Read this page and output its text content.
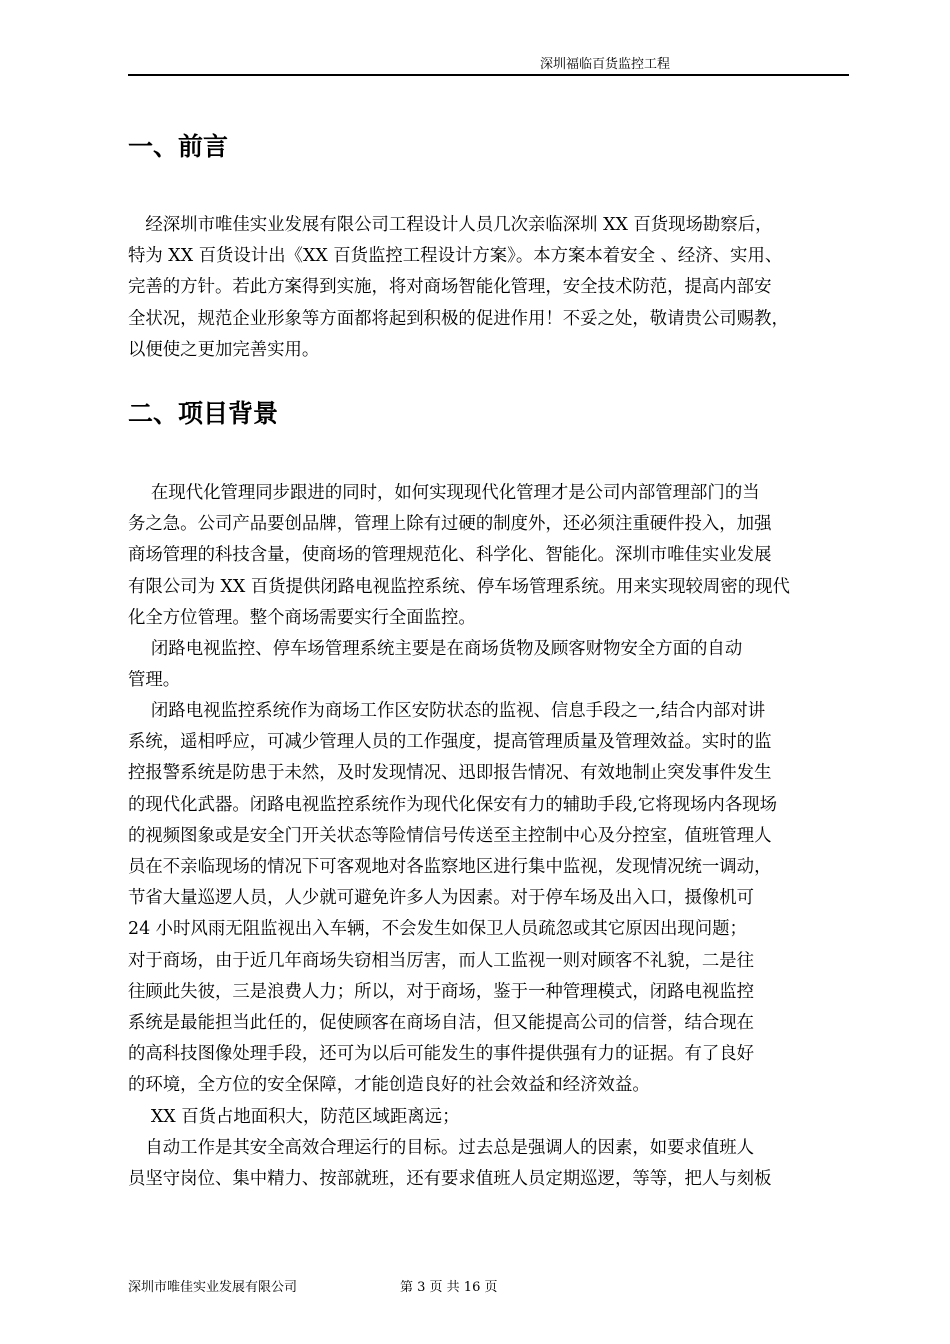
深圳福临百货监控工程
一、前言
　经深圳市唯佳实业发展有限公司工程设计人员几次亲临深圳 XX 百货现场勘察后，
特为 XX 百货设计出《XX 百货监控工程设计方案》。本方案本着安全 、经济、实用、
完善的方针。若此方案得到实施，将对商场智能化管理，安全技术防范，提高内部安
全状况，规范企业形象等方面都将起到积极的促进作用！不妥之处，敬请贵公司赐教，
以便使之更加完善实用。
二、项目背景
　 在现代化管理同步跟进的同时，如何实现现代化管理才是公司内部管理部门的当
务之急。公司产品要创品牌，管理上除有过硬的制度外，还必须注重硬件投入，加强
商场管理的科技含量，使商场的管理规范化、科学化、智能化。深圳市唯佳实业发展
有限公司为 XX 百货提供闭路电视监控系统、停车场管理系统。用来实现较周密的现代
化全方位管理。整个商场需要实行全面监控。
　 闭路电视监控、停车场管理系统主要是在商场货物及顾客财物安全方面的自动
管理。
　 闭路电视监控系统作为商场工作区安防状态的监视、信息手段之一,结合内部对讲
系统，遥相呼应，可减少管理人员的工作强度，提高管理质量及管理效益。实时的监
控报警系统是防患于未然，及时发现情况、迅即报告情况、有效地制止突发事件发生
的现代化武器。闭路电视监控系统作为现代化保安有力的辅助手段,它将现场内各现场
的视频图象或是安全门开关状态等险情信号传送至主控制中心及分控室，值班管理人
员在不亲临现场的情况下可客观地对各监察地区进行集中监视，发现情况统一调动，
节省大量巡逻人员，人少就可避免许多人为因素。对于停车场及出入口，摄像机可
24 小时风雨无阻监视出入车辆，不会发生如保卫人员疏忽或其它原因出现问题；
对于商场，由于近几年商场失窃相当厉害，而人工监视一则对顾客不礼貌，二是往
往顾此失彼，三是浪费人力；所以，对于商场，鉴于一种管理模式，闭路电视监控
系统是最能担当此任的，促使顾客在商场自洁，但又能提高公司的信誉，结合现在
的高科技图像处理手段，还可为以后可能发生的事件提供强有力的证据。有了良好
的环境，全方位的安全保障，才能创造良好的社会效益和经济效益。
　 XX 百货占地面积大，防范区域距离远；
　自动工作是其安全高效合理运行的目标。过去总是强调人的因素，如要求值班人
员坚守岗位、集中精力、按部就班，还有要求值班人员定期巡逻，等等，把人与刻板
深圳市唯佳实业发展有限公司	第 3 页 共 16 页
